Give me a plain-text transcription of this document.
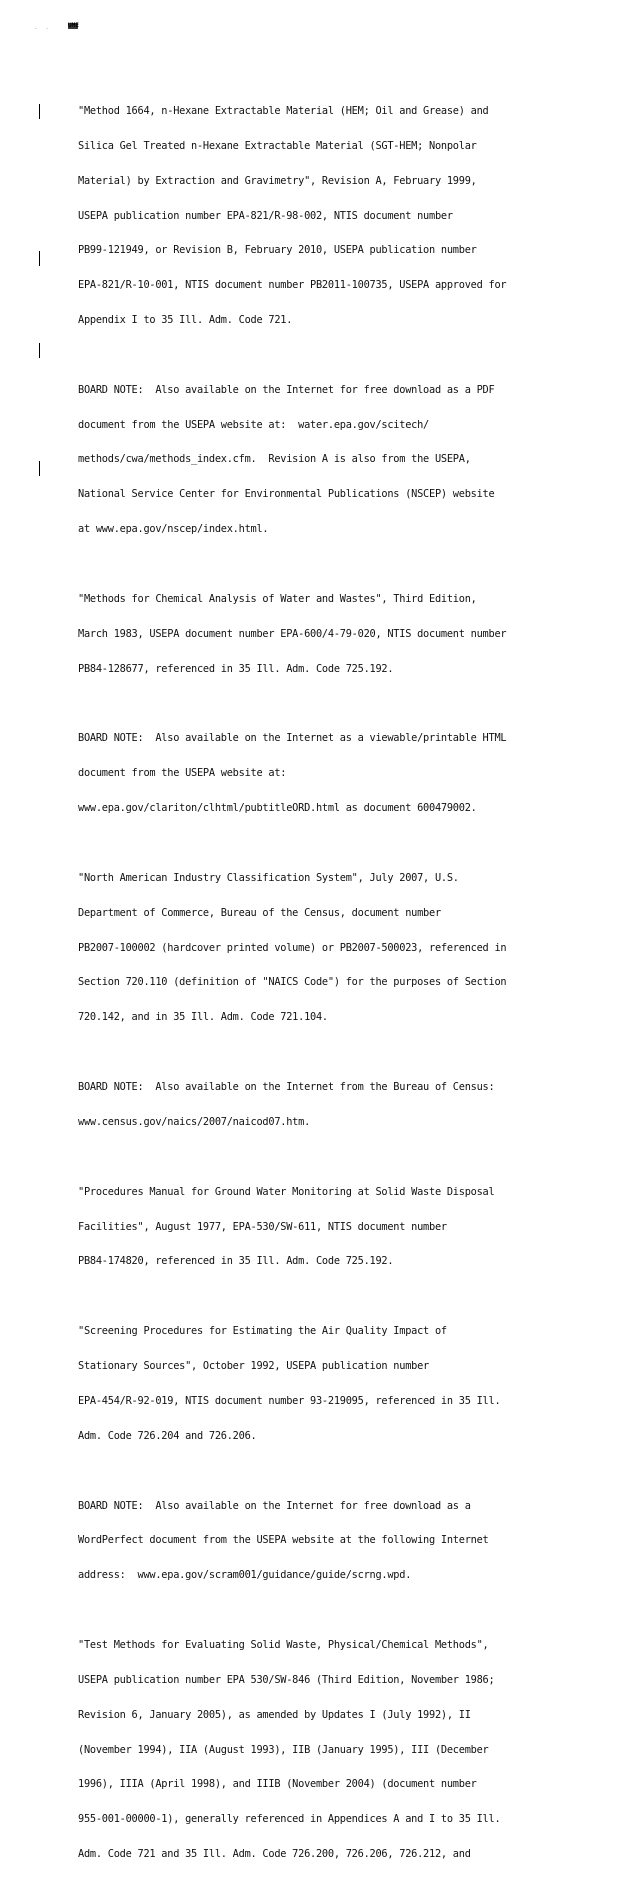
. .	UME

"Method 1664, n-Hexane Extractable Material (HEM; Oil and Grease) and

Silica Gel Treated n-Hexane Extractable Material (SGT-HEM; Nonpolar

Material) by Extraction and Gravimetry", Revision A, February 1999,

USEPA publication number EPA-821/R-98-002, NTIS document number

PB99-121949, or Revision B, February 2010, USEPA publication number

EPA-821/R-10-001, NTIS document number PB2011-100735, USEPA approved for

Appendix I to 35 Ill. Adm. Code 721.

BOARD NOTE:  Also available on the Internet for free download as a PDF

document from the USEPA website at:  water.epa.gov/scitech/

methods/cwa/methods_index.cfm.  Revision A is also from the USEPA,

National Service Center for Environmental Publications (NSCEP) website

at www.epa.gov/nscep/index.html.

"Methods for Chemical Analysis of Water and Wastes", Third Edition,

March 1983, USEPA document number EPA-600/4-79-020, NTIS document number

PB84-128677, referenced in 35 Ill. Adm. Code 725.192.

BOARD NOTE:  Also available on the Internet as a viewable/printable HTML

document from the USEPA website at:

www.epa.gov/clariton/clhtml/pubtitleORD.html as document 600479002.

"North American Industry Classification System", July 2007, U.S.

Department of Commerce, Bureau of the Census, document number

PB2007-100002 (hardcover printed volume) or PB2007-500023, referenced in

Section 720.110 (definition of "NAICS Code") for the purposes of Section

720.142, and in 35 Ill. Adm. Code 721.104.

BOARD NOTE:  Also available on the Internet from the Bureau of Census:

www.census.gov/naics/2007/naicod07.htm.

"Procedures Manual for Ground Water Monitoring at Solid Waste Disposal

Facilities", August 1977, EPA-530/SW-611, NTIS document number

PB84-174820, referenced in 35 Ill. Adm. Code 725.192.

"Screening Procedures for Estimating the Air Quality Impact of

Stationary Sources", October 1992, USEPA publication number

EPA-454/R-92-019, NTIS document number 93-219095, referenced in 35 Ill.

Adm. Code 726.204 and 726.206.

BOARD NOTE:  Also available on the Internet for free download as a

WordPerfect document from the USEPA website at the following Internet

address:  www.epa.gov/scram001/guidance/guide/scrng.wpd.

"Test Methods for Evaluating Solid Waste, Physical/Chemical Methods",

USEPA publication number EPA 530/SW-846 (Third Edition, November 1986;

Revision 6, January 2005), as amended by Updates I (July 1992), II

(November 1994), IIA (August 1993), IIB (January 1995), III (December

1996), IIIA (April 1998), and IIIB (November 2004) (document number

955-001-00000-1), generally referenced in Appendices A and I to 35 Ill.

Adm. Code 721 and 35 Ill. Adm. Code 726.200, 726.206, 726.212, and
